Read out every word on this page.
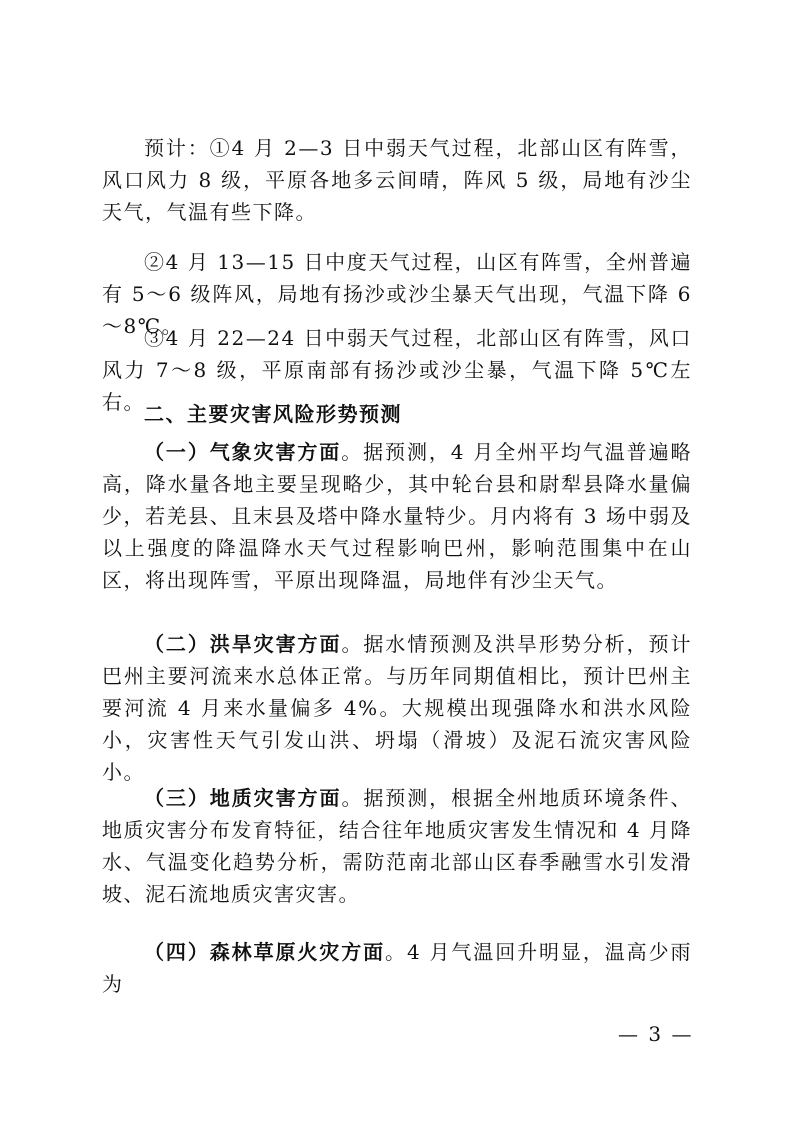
预计：①4 月 2—3 日中弱天气过程，北部山区有阵雪，风口风力 8 级，平原各地多云间晴，阵风 5 级，局地有沙尘天气，气温有些下降。
②4 月 13—15 日中度天气过程，山区有阵雪，全州普遍有 5～6 级阵风，局地有扬沙或沙尘暴天气出现，气温下降 6～8℃。
③4 月 22—24 日中弱天气过程，北部山区有阵雪，风口风力 7～8 级，平原南部有扬沙或沙尘暴，气温下降 5℃左右。 二、主要灾害风险形势预测
（一）气象灾害方面。据预测，4 月全州平均气温普遍略高，降水量各地主要呈现略少，其中轮台县和尉犁县降水量偏少，若羌县、且末县及塔中降水量特少。月内将有 3 场中弱及以上强度的降温降水天气过程影响巴州，影响范围集中在山区，将出现阵雪，平原出现降温，局地伴有沙尘天气。
（二）洪旱灾害方面。据水情预测及洪旱形势分析，预计巴州主要河流来水总体正常。与历年同期值相比，预计巴州主要河流 4 月来水量偏多 4%。大规模出现强降水和洪水风险小，灾害性天气引发山洪、坍塌（滑坡）及泥石流灾害风险小。
（三）地质灾害方面。据预测，根据全州地质环境条件、地质灾害分布发育特征，结合往年地质灾害发生情况和 4 月降水、气温变化趋势分析，需防范南北部山区春季融雪水引发滑坡、泥石流地质灾害灾害。
（四）森林草原火灾方面。4 月气温回升明显，温高少雨为
— 3 —
